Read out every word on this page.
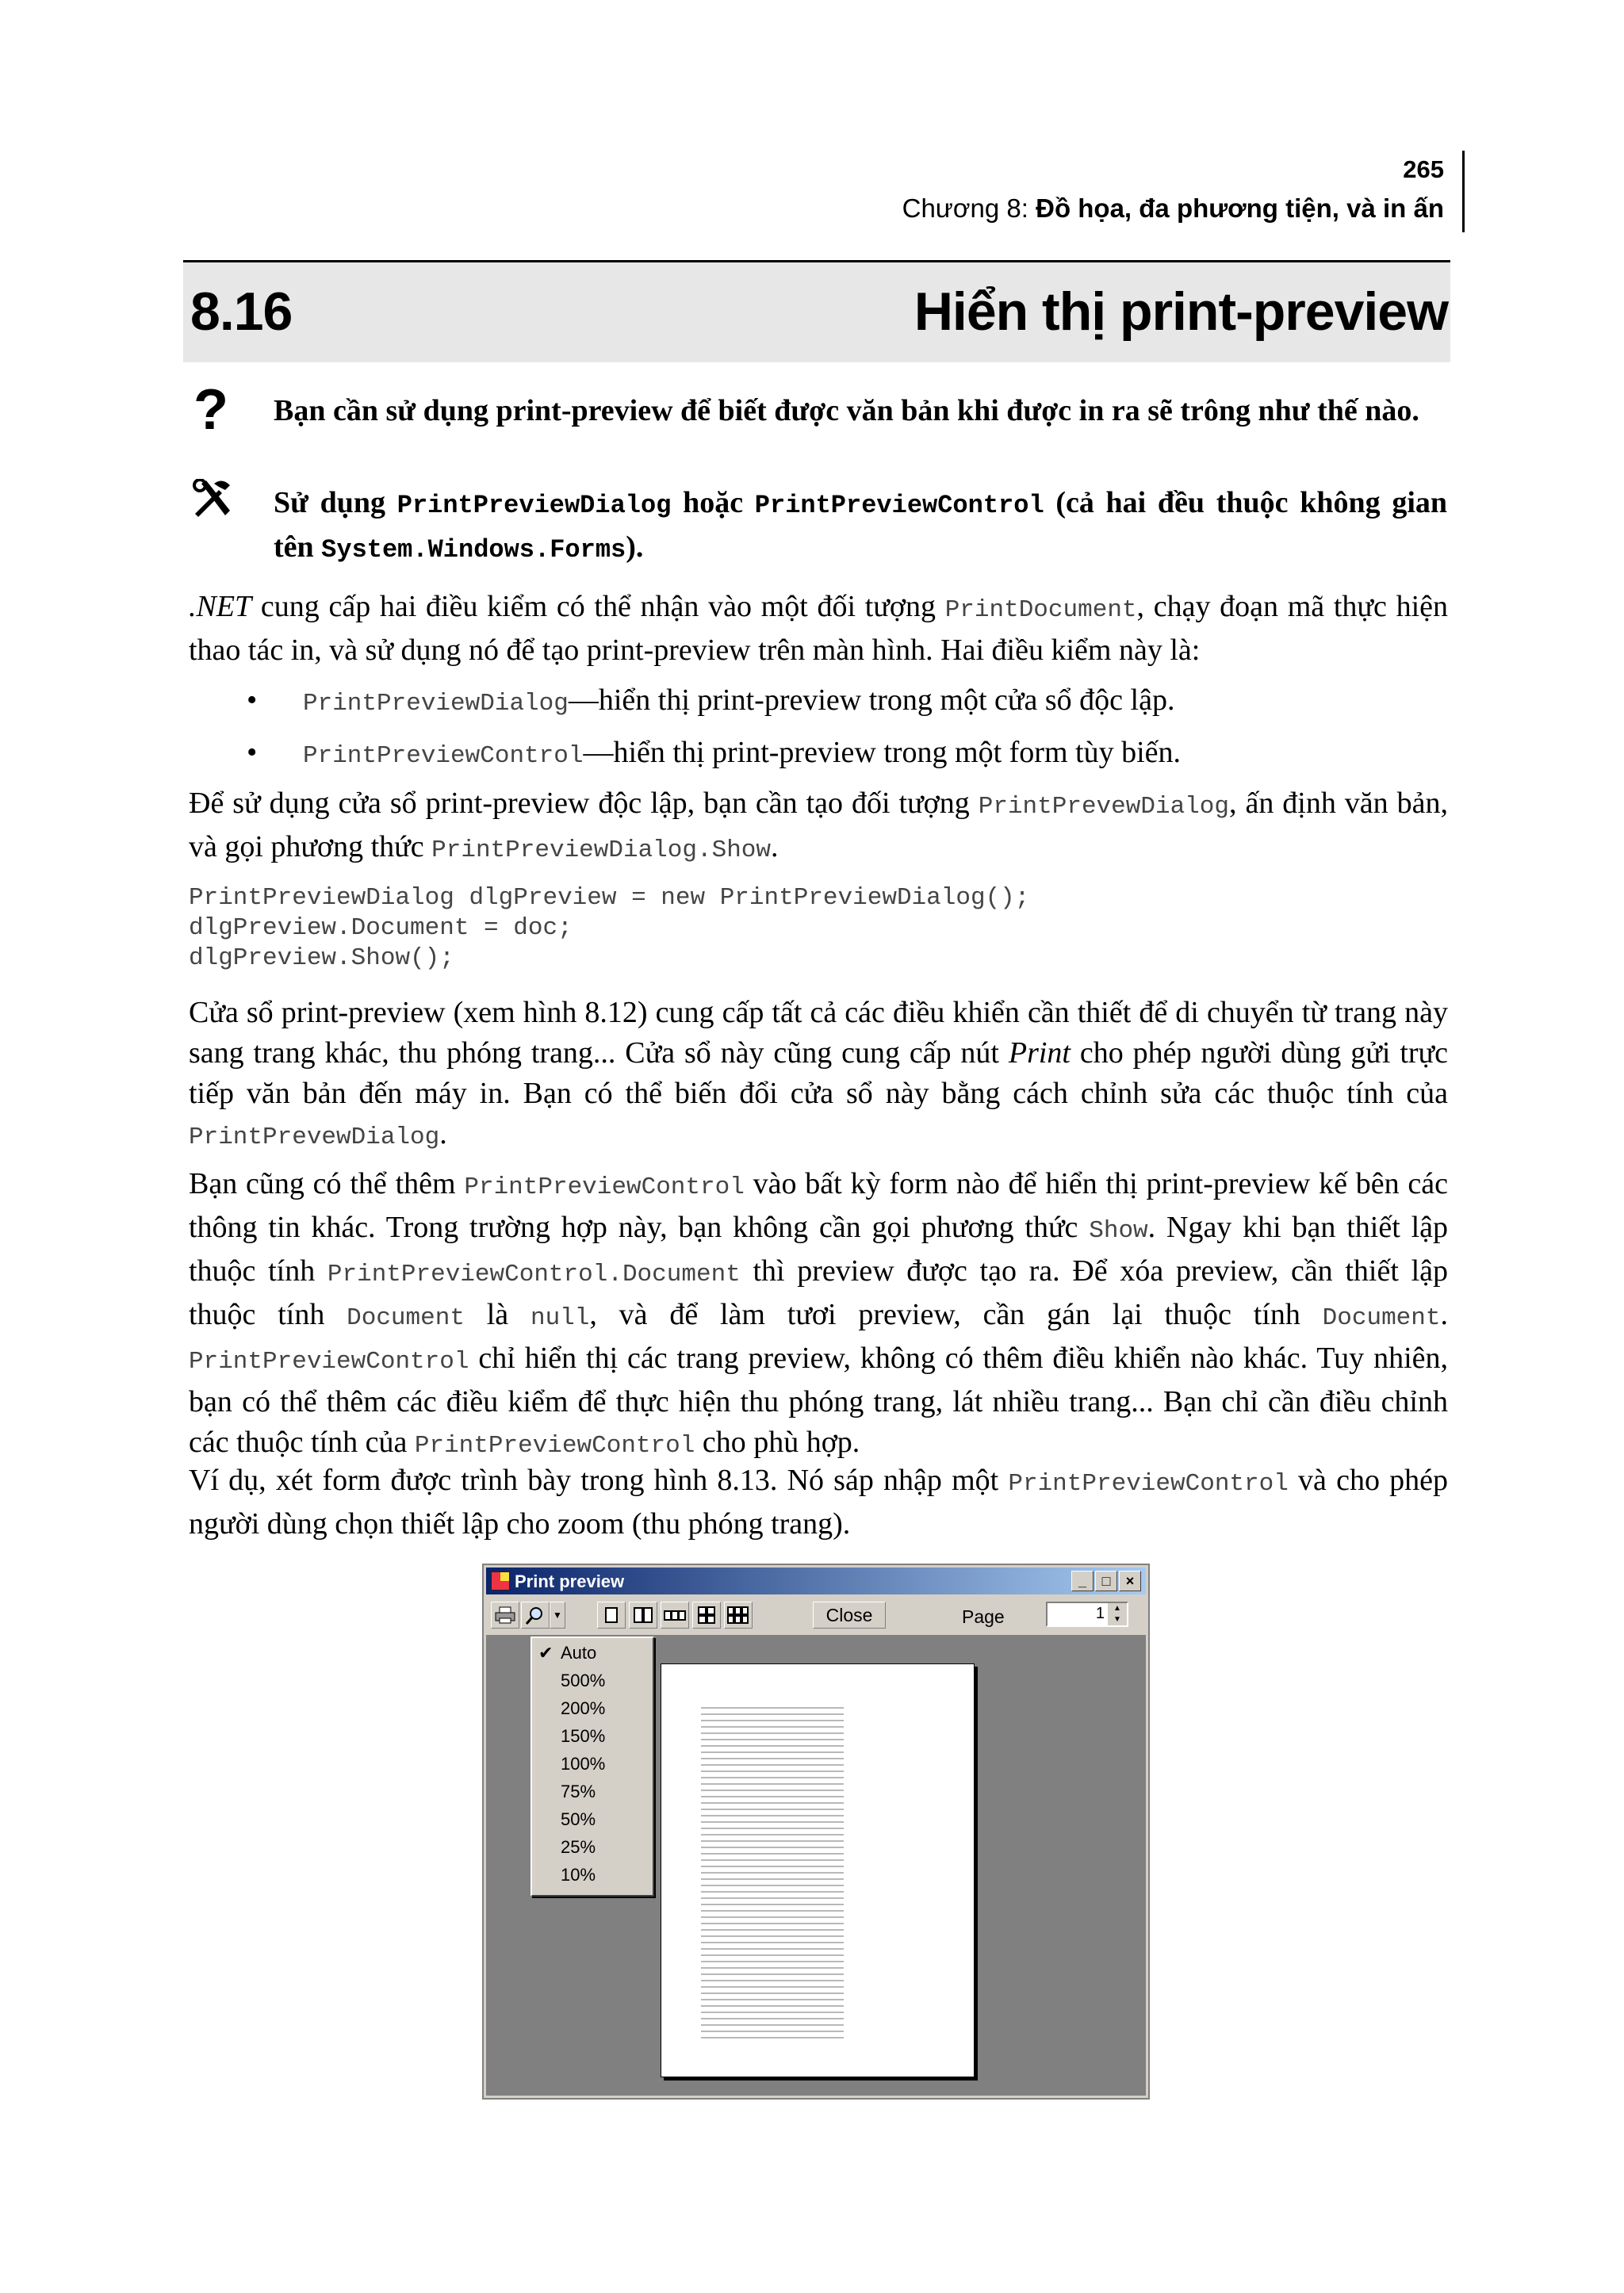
265
Chương 8: Đồ họa, đa phương tiện, và in ấn
8.16	Hiển thị print-preview
? Bạn cần sử dụng print-preview để biết được văn bản khi được in ra sẽ trông như thế nào.
Sử dụng PrintPreviewDialog hoặc PrintPreviewControl (cả hai đều thuộc không gian tên System.Windows.Forms).
.NET cung cấp hai điều kiểm có thể nhận vào một đối tượng PrintDocument, chạy đoạn mã thực hiện thao tác in, và sử dụng nó để tạo print-preview trên màn hình. Hai điều kiểm này là:
• PrintPreviewDialog—hiển thị print-preview trong một cửa sổ độc lập.
• PrintPreviewControl—hiển thị print-preview trong một form tùy biến.
Để sử dụng cửa sổ print-preview độc lập, bạn cần tạo đối tượng PrintPrevewDialog, ấn định văn bản, và gọi phương thức PrintPreviewDialog.Show.
PrintPreviewDialog dlgPreview = new PrintPreviewDialog();
dlgPreview.Document = doc;
dlgPreview.Show();
Cửa sổ print-preview (xem hình 8.12) cung cấp tất cả các điều khiển cần thiết để di chuyển từ trang này sang trang khác, thu phóng trang... Cửa sổ này cũng cung cấp nút Print cho phép người dùng gửi trực tiếp văn bản đến máy in. Bạn có thể biến đổi cửa sổ này bằng cách chỉnh sửa các thuộc tính của PrintPrevewDialog.
Bạn cũng có thể thêm PrintPreviewControl vào bất kỳ form nào để hiển thị print-preview kế bên các thông tin khác. Trong trường hợp này, bạn không cần gọi phương thức Show. Ngay khi bạn thiết lập thuộc tính PrintPreviewControl.Document thì preview được tạo ra. Để xóa preview, cần thiết lập thuộc tính Document là null, và để làm tươi preview, cần gán lại thuộc tính Document. PrintPreviewControl chỉ hiển thị các trang preview, không có thêm điều khiển nào khác. Tuy nhiên, bạn có thể thêm các điều kiểm để thực hiện thu phóng trang, lát nhiều trang... Bạn chỉ cần điều chỉnh các thuộc tính của PrintPreviewControl cho phù hợp.
Ví dụ, xét form được trình bày trong hình 8.13. Nó sáp nhập một PrintPreviewControl và cho phép người dùng chọn thiết lập cho zoom (thu phóng trang).
Print preview	_	□	×
▼	Close	Page	1	▲
▼
✔ Auto
500%
200%
150%
100%
75%
50%
25%
10%
